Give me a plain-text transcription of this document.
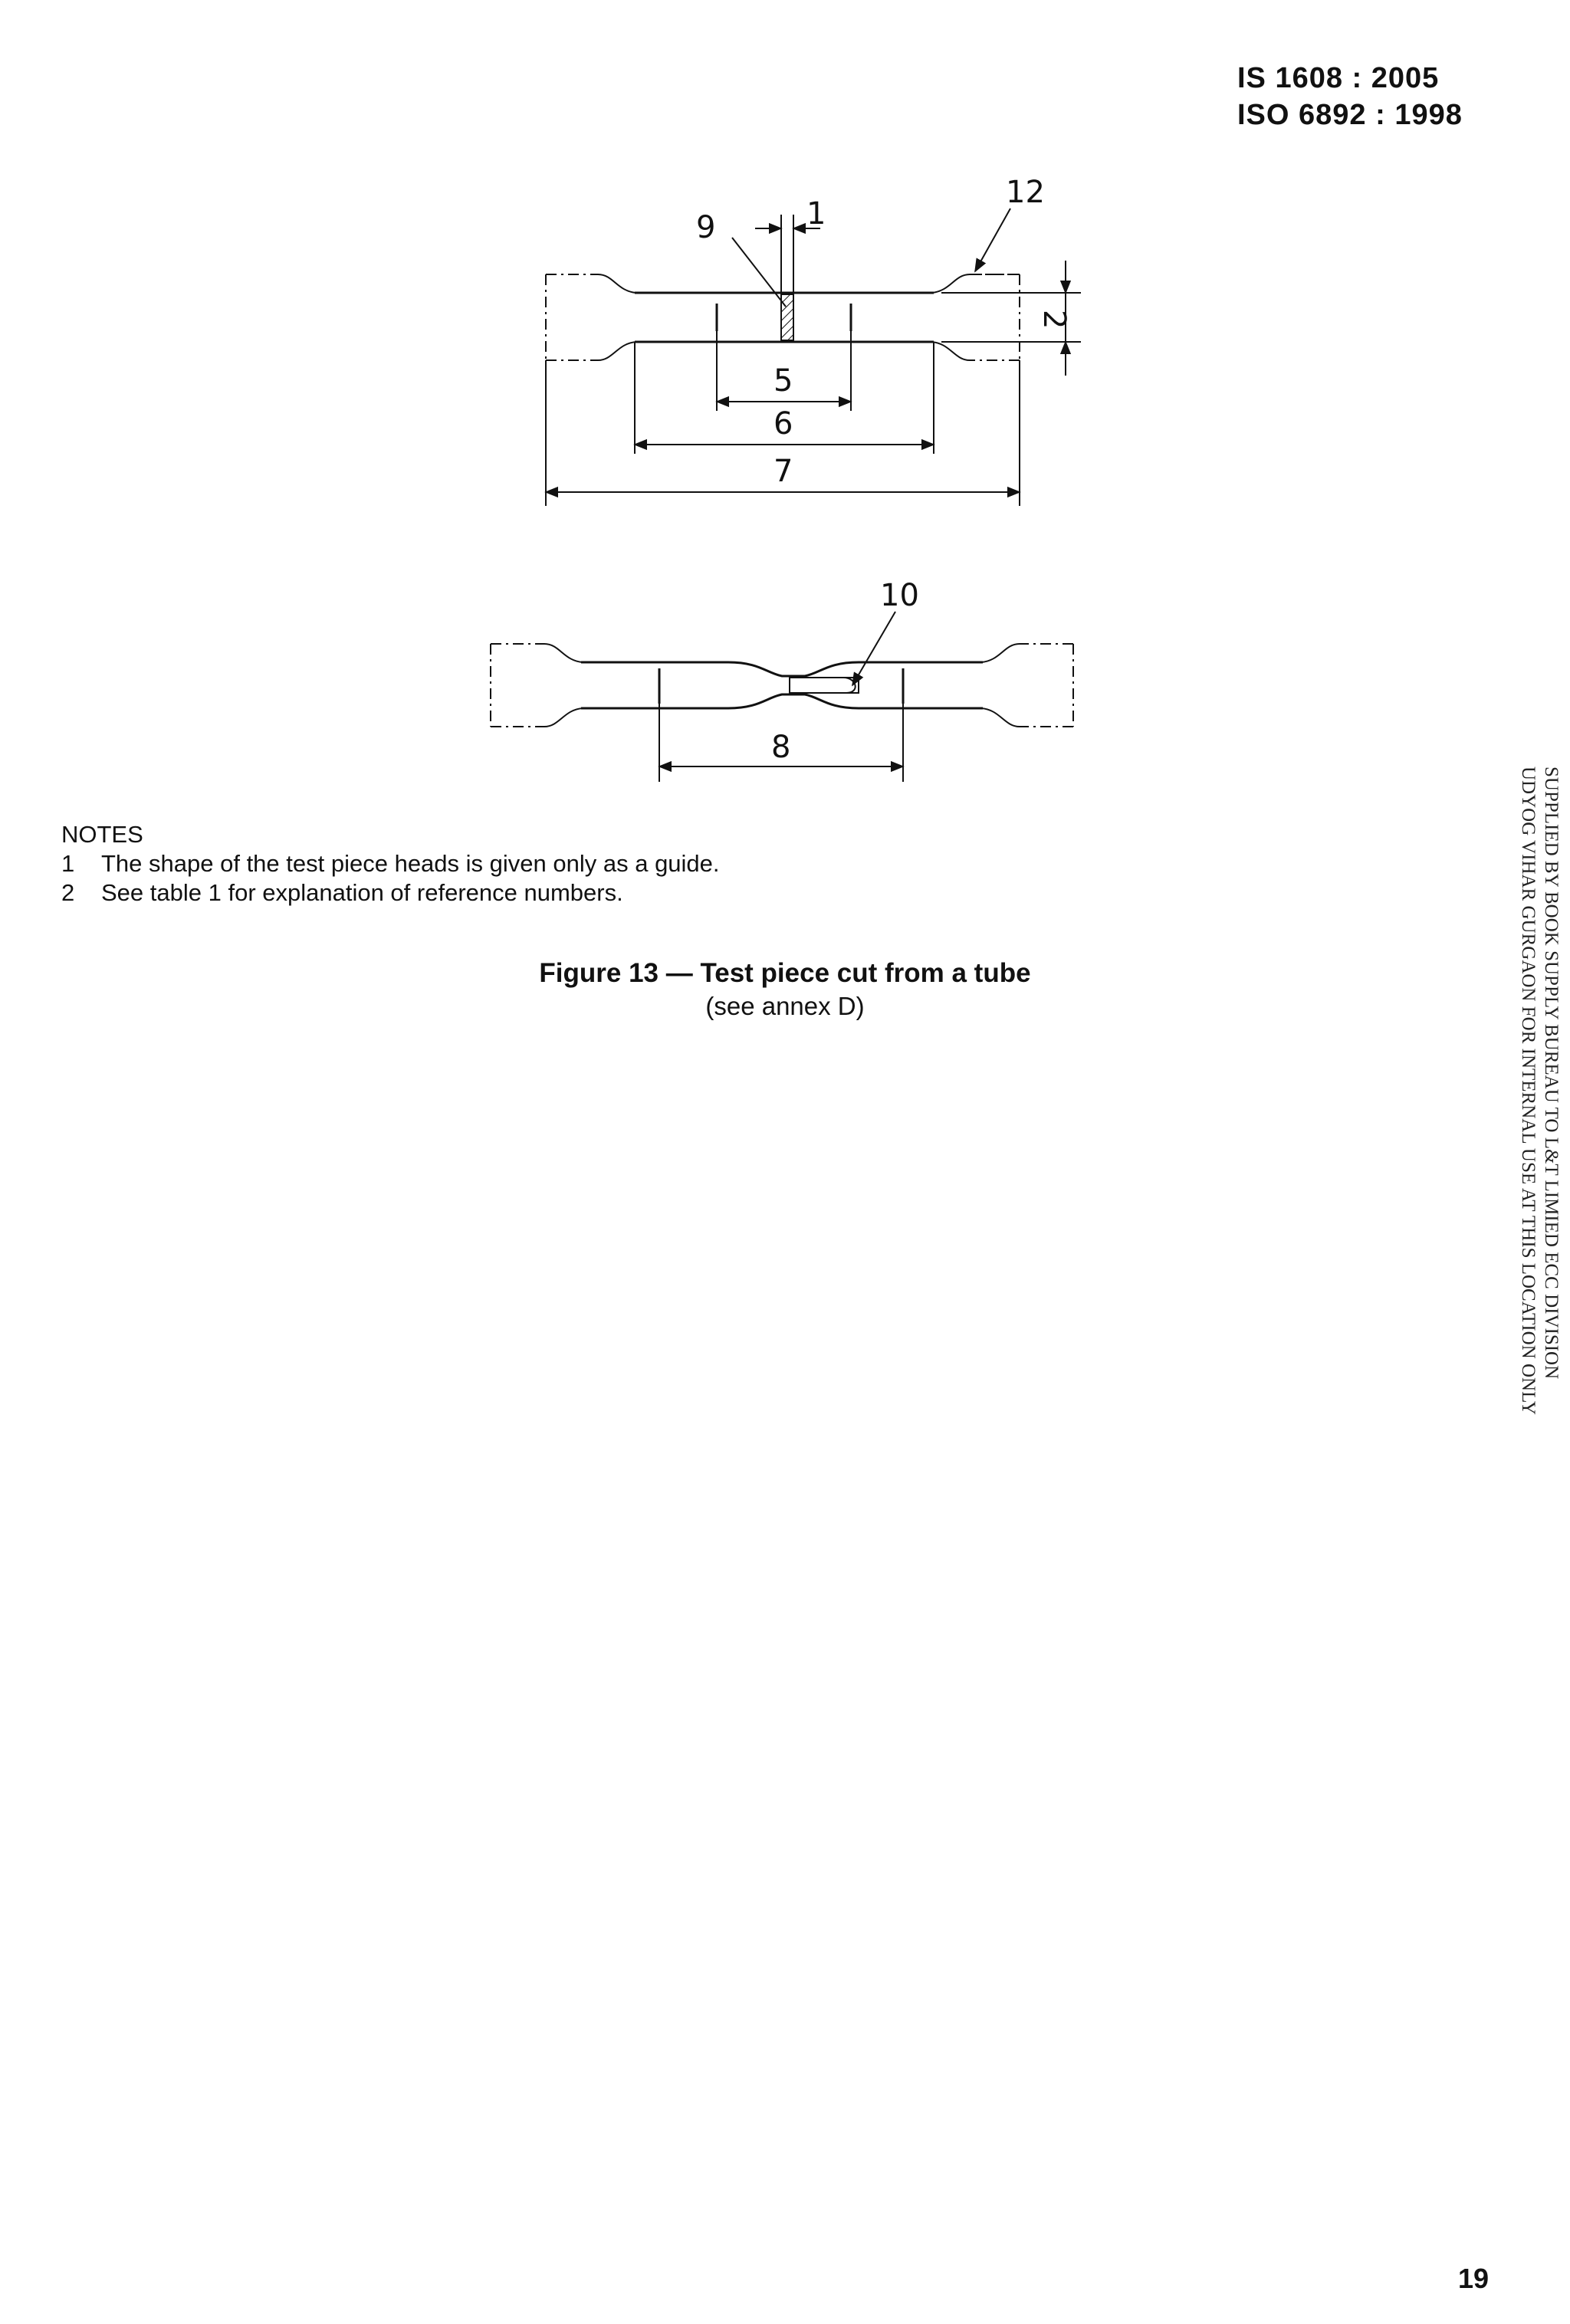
IS 1608 : 2005
ISO 6892 : 1998
1
9
12
2
5
6
7
10
8
NOTES
1 The shape of the test piece heads is given only as a guide.
2 See table 1 for explanation of reference numbers.
Figure 13 — Test piece cut from a tube
(see annex D)	SUPPLIED BY BOOK SUPPLY BUREAU TO L&T LIMIED ECC DIVISION
UDYOG VIHAR GURGAON FOR INTERNAL USE AT THIS LOCATION ONLY
19
